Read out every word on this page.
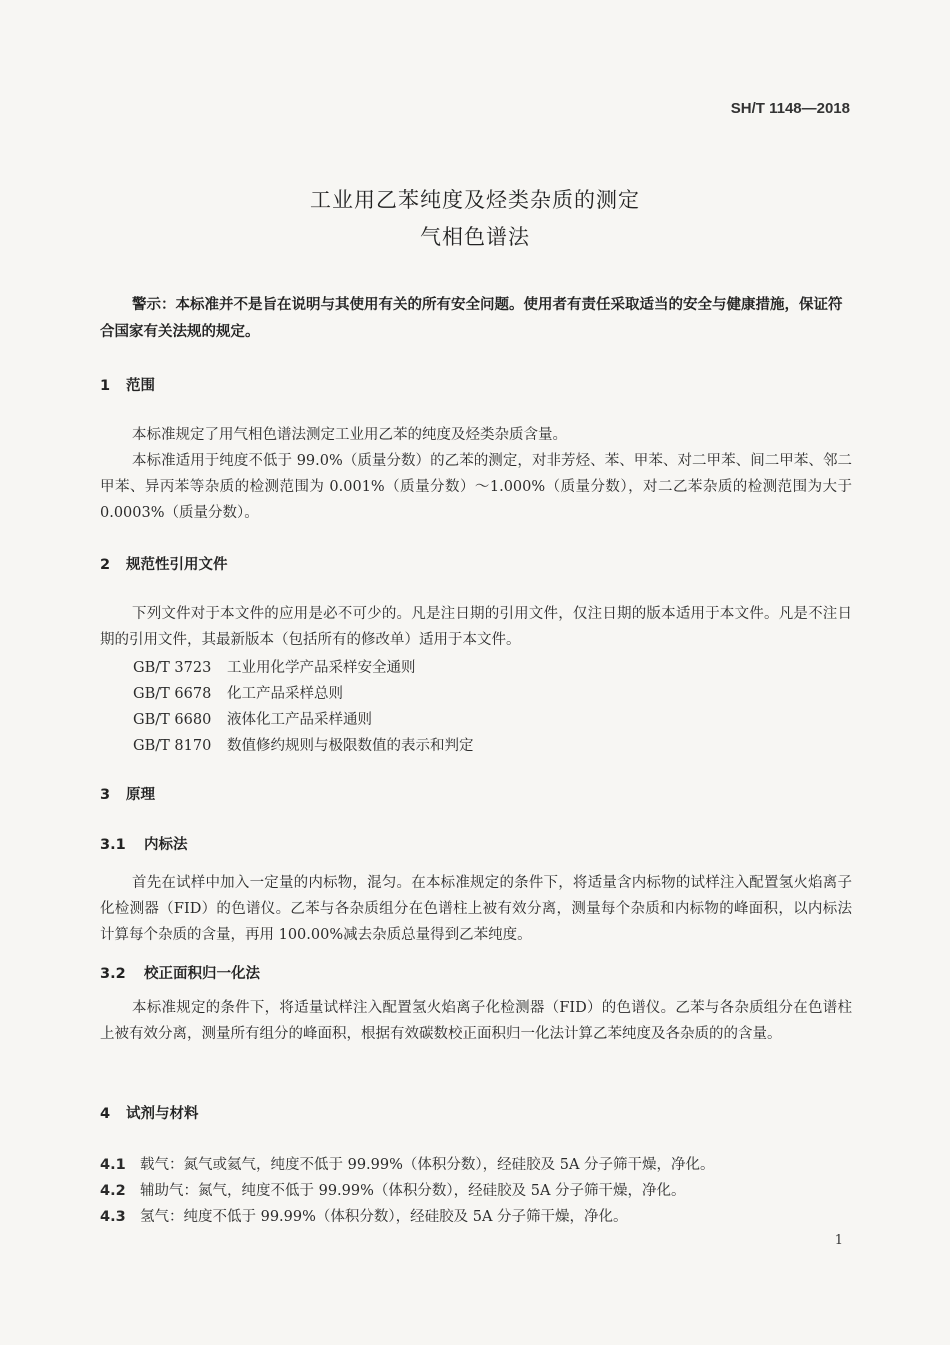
SH/T 1148—2018
工业用乙苯纯度及烃类杂质的测定
气相色谱法
警示：本标准并不是旨在说明与其使用有关的所有安全问题。使用者有责任采取适当的安全与健康措施，保证符合国家有关法规的规定。
1 范围
本标准规定了用气相色谱法测定工业用乙苯的纯度及烃类杂质含量。
本标准适用于纯度不低于 99.0%（质量分数）的乙苯的测定，对非芳烃、苯、甲苯、对二甲苯、间二甲苯、邻二甲苯、异丙苯等杂质的检测范围为 0.001%（质量分数）～1.000%（质量分数），对二乙苯杂质的检测范围为大于 0.0003%（质量分数）。
2 规范性引用文件
下列文件对于本文件的应用是必不可少的。凡是注日期的引用文件，仅注日期的版本适用于本文件。凡是不注日期的引用文件，其最新版本（包括所有的修改单）适用于本文件。
GB/T 3723 工业用化学产品采样安全通则
GB/T 6678 化工产品采样总则
GB/T 6680 液体化工产品采样通则
GB/T 8170 数值修约规则与极限数值的表示和判定
3 原理
3.1 内标法
首先在试样中加入一定量的内标物，混匀。在本标准规定的条件下，将适量含内标物的试样注入配置氢火焰离子化检测器（FID）的色谱仪。乙苯与各杂质组分在色谱柱上被有效分离，测量每个杂质和内标物的峰面积，以内标法计算每个杂质的含量，再用 100.00%减去杂质总量得到乙苯纯度。
3.2 校正面积归一化法
本标准规定的条件下，将适量试样注入配置氢火焰离子化检测器（FID）的色谱仪。乙苯与各杂质组分在色谱柱上被有效分离，测量所有组分的峰面积，根据有效碳数校正面积归一化法计算乙苯纯度及各杂质的的含量。
4 试剂与材料
4.1 载气：氮气或氦气，纯度不低于 99.99%（体积分数），经硅胶及 5A 分子筛干燥，净化。
4.2 辅助气：氮气，纯度不低于 99.99%（体积分数），经硅胶及 5A 分子筛干燥，净化。
4.3 氢气：纯度不低于 99.99%（体积分数），经硅胶及 5A 分子筛干燥，净化。
1
